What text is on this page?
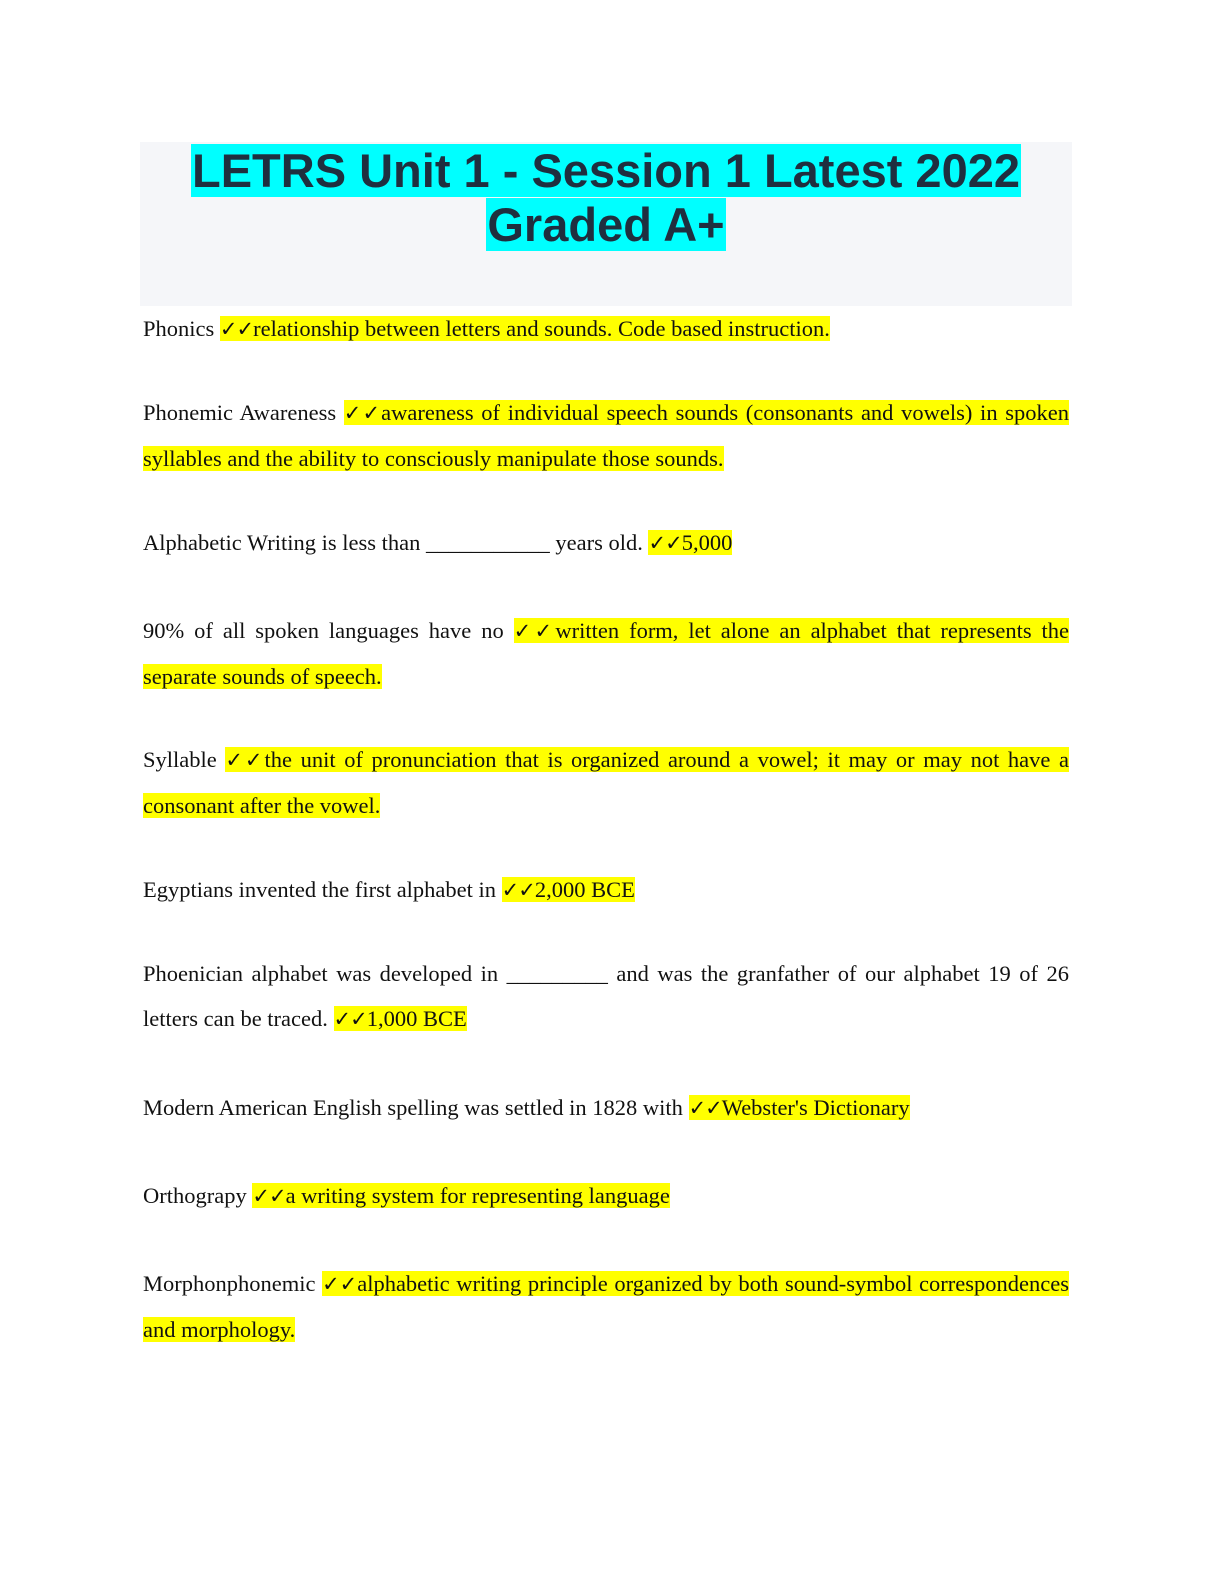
LETRS Unit 1 - Session 1 Latest 2022
Graded A+

Phonics ✓✓relationship between letters and sounds. Code based instruction.

Phonemic Awareness ✓✓awareness of individual speech sounds (consonants and vowels) in spoken syllables and the ability to consciously manipulate those sounds.

Alphabetic Writing is less than ___________ years old. ✓✓5,000

90% of all spoken languages have no ✓✓written form, let alone an alphabet that represents the separate sounds of speech.

Syllable ✓✓the unit of pronunciation that is organized around a vowel; it may or may not have a consonant after the vowel.

Egyptians invented the first alphabet in ✓✓2,000 BCE

Phoenician alphabet was developed in _________ and was the granfather of our alphabet 19 of 26 letters can be traced. ✓✓1,000 BCE

Modern American English spelling was settled in 1828 with ✓✓Webster's Dictionary

Orthograpy ✓✓a writing system for representing language

Morphonphonemic ✓✓alphabetic writing principle organized by both sound-symbol correspondences and morphology.
